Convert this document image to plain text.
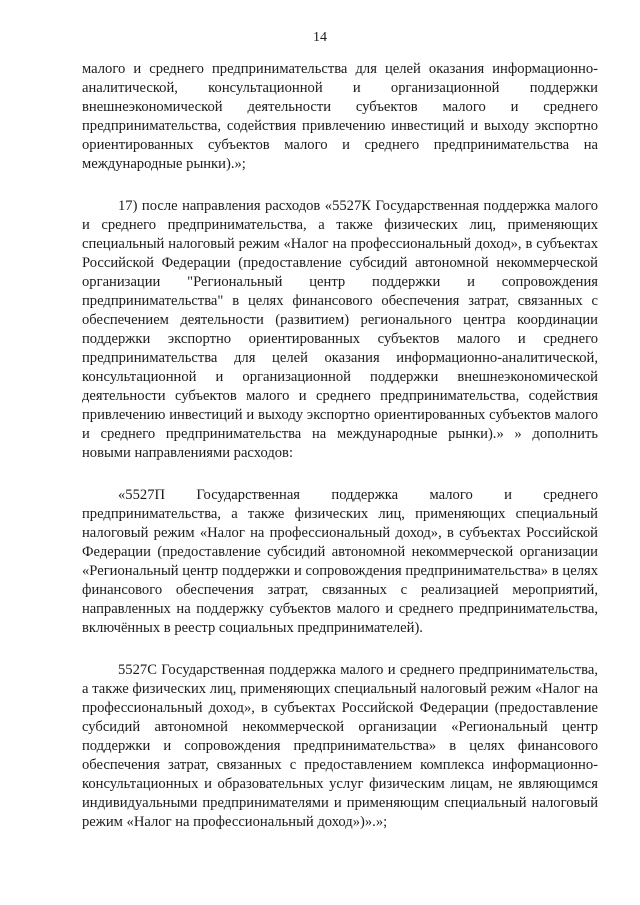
14

малого и среднего предпринимательства для целей оказания информационно-аналитической, консультационной и организационной поддержки внешнеэкономической деятельности субъектов малого и среднего предпринимательства, содействия привлечению инвестиций и выходу экспортно ориентированных субъектов малого и среднего предпринимательства на международные рынки).»;

17) после направления расходов «5527К Государственная поддержка малого и среднего предпринимательства, а также физических лиц, применяющих специальный налоговый режим «Налог на профессиональный доход», в субъектах Российской Федерации (предоставление субсидий автономной некоммерческой организации "Региональный центр поддержки и сопровождения предпринимательства" в целях финансового обеспечения затрат, связанных с обеспечением деятельности (развитием) регионального центра координации поддержки экспортно ориентированных субъектов малого и среднего предпринимательства для целей оказания информационно-аналитической, консультационной и организационной поддержки внешнеэкономической деятельности субъектов малого и среднего предпринимательства, содействия привлечению инвестиций и выходу экспортно ориентированных субъектов малого и среднего предпринимательства на международные рынки).» » дополнить новыми направлениями расходов:

«5527П Государственная поддержка малого и среднего предпринимательства, а также физических лиц, применяющих специальный налоговый режим «Налог на профессиональный доход», в субъектах Российской Федерации (предоставление субсидий автономной некоммерческой организации «Региональный центр поддержки и сопровождения предпринимательства» в целях финансового обеспечения затрат, связанных с реализацией мероприятий, направленных на поддержку субъектов малого и среднего предпринимательства, включённых в реестр социальных предпринимателей).

5527С Государственная поддержка малого и среднего предпринимательства, а также физических лиц, применяющих специальный налоговый режим «Налог на профессиональный доход», в субъектах Российской Федерации (предоставление субсидий автономной некоммерческой организации «Региональный центр поддержки и сопровождения предпринимательства» в целях финансового обеспечения затрат, связанных с предоставлением комплекса информационно-консультационных и образовательных услуг физическим лицам, не являющимся индивидуальными предпринимателями и применяющим специальный налоговый режим «Налог на профессиональный доход»)».»;
